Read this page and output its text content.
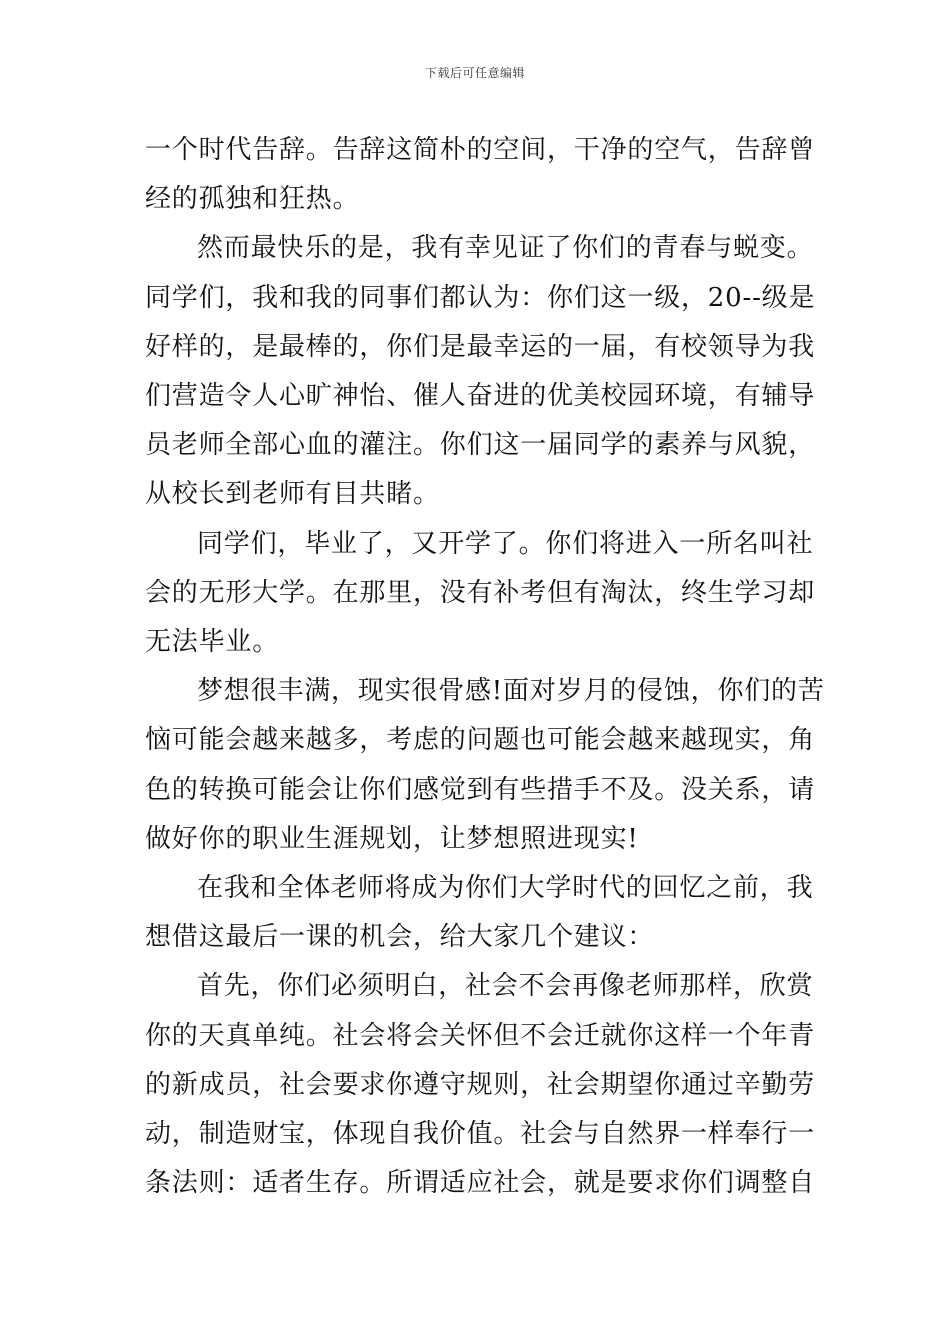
下载后可任意编辑

一个时代告辞。告辞这简朴的空间，干净的空气，告辞曾经的孤独和狂热。

然而最快乐的是，我有幸见证了你们的青春与蜕变。同学们，我和我的同事们都认为：你们这一级，20--级是好样的，是最棒的，你们是最幸运的一届，有校领导为我们营造令人心旷神怡、催人奋进的优美校园环境，有辅导员老师全部心血的灌注。你们这一届同学的素养与风貌，从校长到老师有目共睹。

同学们，毕业了，又开学了。你们将进入一所名叫社会的无形大学。在那里，没有补考但有淘汰，终生学习却无法毕业。

梦想很丰满，现实很骨感!面对岁月的侵蚀，你们的苦恼可能会越来越多，考虑的问题也可能会越来越现实，角色的转换可能会让你们感觉到有些措手不及。没关系，请做好你的职业生涯规划，让梦想照进现实!

在我和全体老师将成为你们大学时代的回忆之前，我想借这最后一课的机会，给大家几个建议：

首先，你们必须明白，社会不会再像老师那样，欣赏你的天真单纯。社会将会关怀但不会迁就你这样一个年青的新成员，社会要求你遵守规则，社会期望你通过辛勤劳动，制造财宝，体现自我价值。社会与自然界一样奉行一条法则：适者生存。所谓适应社会，就是要求你们调整自
